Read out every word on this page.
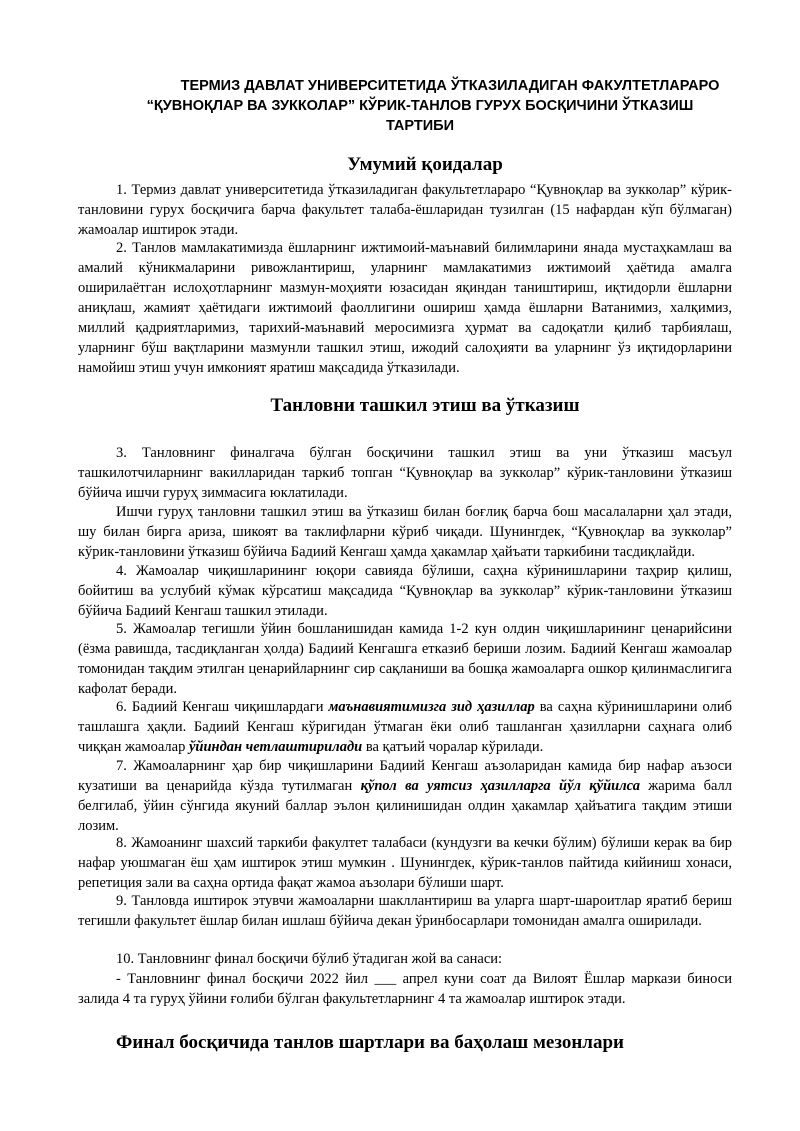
ТЕРМИЗ ДАВЛАТ УНИВЕРСИТЕТИДА ЎТКАЗИЛАДИГАН ФАКУЛТЕТЛАРАРО
“ҚУВНОҚЛАР ВА ЗУККОЛАР” КЎРИК-ТАНЛОВ ГУРУХ БОСҚИЧИНИ ЎТКАЗИШ
ТАРТИБИ
Умумий қоидалар
1. Термиз давлат университетида ўтказиладиган факультетлараро “Қувноқлар ва зукколар” кўрик-танловини гурух босқичига барча факультет талаба-ёшларидан тузилган (15 нафардан кўп бўлмаган) жамоалар иштирок этади.
2. Танлов мамлакатимизда ёшларнинг ижтимоий-маънавий билимларини янада мустаҳкамлаш ва амалий кўникмаларини ривожлантириш, уларнинг мамлакатимиз ижтимоий ҳаётида амалга оширилаётган ислоҳотларнинг мазмун-моҳияти юзасидан яқиндан таништириш, иқтидорли ёшларни аниқлаш, жамият ҳаётидаги ижтимоий фаоллигини ошириш ҳамда ёшларни Ватанимиз, халқимиз, миллий қадриятларимиз, тарихий-маънавий меросимизга ҳурмат ва садоқатли қилиб тарбиялаш, уларнинг бўш вақтларини мазмунли ташкил этиш, ижодий салоҳияти ва уларнинг ўз иқтидорларини намойиш этиш учун имконият яратиш мақсадида ўтказилади.
Танловни ташкил этиш ва ўтказиш
3. Танловнинг финалгача бўлган босқичини ташкил этиш ва уни ўтказиш масъул ташкилотчиларнинг вакилларидан таркиб топган “Қувноқлар ва зукколар” кўрик-танловини ўтказиш бўйича ишчи гуруҳ зиммасига юклатилади.
Ишчи гуруҳ танловни ташкил этиш ва ўтказиш билан боғлиқ барча бош масалаларни ҳал этади, шу билан бирга ариза, шикоят ва таклифларни кўриб чиқади. Шунингдек, “Қувноқлар ва зукколар” кўрик-танловини ўтказиш бўйича Бадиий Кенгаш ҳамда ҳакамлар ҳайъати таркибини тасдиқлайди.
4. Жамоалар чиқишларининг юқори савияда бўлиши, саҳна кўринишларини таҳрир қилиш, бойитиш ва услубий кўмак кўрсатиш мақсадида “Қувноқлар ва зукколар” кўрик-танловини ўтказиш бўйича Бадиий Кенгаш ташкил этилади.
5. Жамоалар тегишли ўйин бошланишидан камида 1-2 кун олдин чиқишларининг ценарийсини (ёзма равишда, тасдиқланган ҳолда) Бадиий Кенгашга етказиб бериши лозим. Бадиий Кенгаш жамоалар томонидан тақдим этилган ценарийларнинг сир сақланиши ва бошқа жамоаларга ошкор қилинмаслигига кафолат беради.
6. Бадиий Кенгаш чиқишлардаги маънавиятимизга зид ҳазиллар ва саҳна кўринишларини олиб ташлашга ҳақли. Бадиий Кенгаш кўригидан ўтмаган ёки олиб ташланган ҳазилларни саҳнага олиб чиққан жамоалар ўйиндан четлаштирилади ва қатъий чоралар кўрилади.
7. Жамоаларнинг ҳар бир чиқишларини Бадиий Кенгаш аъзоларидан камида бир нафар аъзоси кузатиши ва ценарийда кўзда тутилмаган қўпол ва уятсиз ҳазилларга йўл қўйилса жарима балл белгилаб, ўйин сўнгида якуний баллар эълон қилинишидан олдин ҳакамлар ҳайъатига тақдим этиши лозим.
8. Жамоанинг шахсий таркиби факултет талабаси (кундузги ва кечки бўлим) бўлиши керак ва бир нафар уюшмаган ёш ҳам иштирок этиш мумкин . Шунингдек, кўрик-танлов пайтида кийиниш хонаси, репетиция зали ва саҳна ортида фақат жамоа аъзолари бўлиши шарт.
9. Танловда иштирок этувчи жамоаларни шакллантириш ва уларга шарт-шароитлар яратиб бериш тегишли факультет ёшлар билан ишлаш бўйича декан ўринбосарлари томонидан амалга оширилади.
10. Танловнинг финал босқичи бўлиб ўтадиган жой ва санаси:
- Танловнинг финал босқичи 2022 йил ___ апрел куни соат да Вилоят Ёшлар маркази биноси залида 4 та гуруҳ ўйини ғолиби бўлган факультетларнинг 4 та жамоалар иштирок этади.
Финал босқичида танлов шартлари ва баҳолаш мезонлари
